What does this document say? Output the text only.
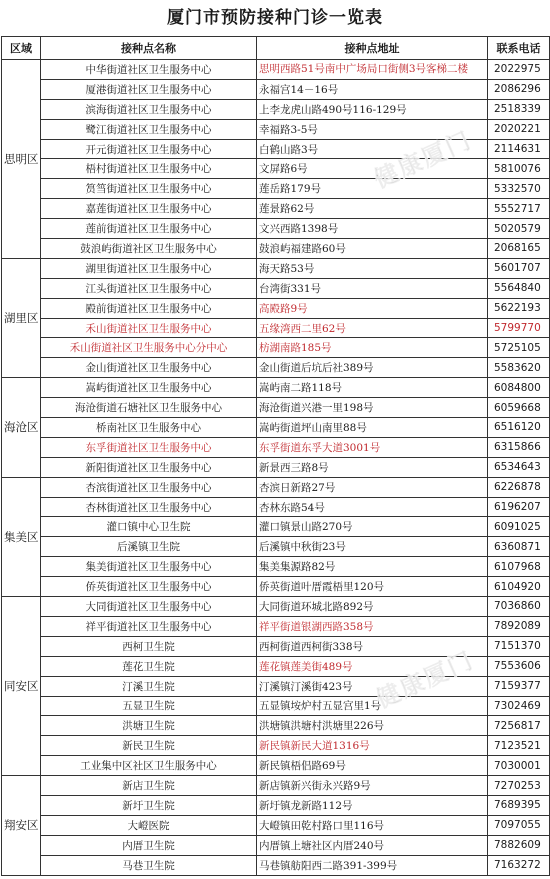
厦门市预防接种门诊一览表
区域	接种点名称	接种点地址	联系电话
思明区	中华街道社区卫生服务中心	思明西路51号南中广场局口街侧3号客梯二楼	2022975
	厦港街道社区卫生服务中心	永福宫14－16号	2086296
	滨海街道社区卫生服务中心	上李龙虎山路490号116-129号	2518339
	鹭江街道社区卫生服务中心	幸福路3-5号	2020221
	开元街道社区卫生服务中心	白鹤山路3号	2114631
	梧村街道社区卫生服务中心	文屏路6号	5810076
	筼筜街道社区卫生服务中心	莲岳路179号	5332570
	嘉莲街道社区卫生服务中心	莲景路62号	5552717
	莲前街道社区卫生服务中心	文兴西路1398号	5020579
	鼓浪屿街道社区卫生服务中心	鼓浪屿福建路60号	2068165
湖里区	湖里街道社区卫生服务中心	海天路53号	5601707
	江头街道社区卫生服务中心	台湾街331号	5564840
	殿前街道社区卫生服务中心	高殿路9号	5622193
	禾山街道社区卫生服务中心	五缘湾西二里62号	5799770
	禾山街道社区卫生服务中心分中心	枋湖南路185号	5725105
	金山街道社区卫生服务中心	金山街道后坑后社389号	5583620
海沧区	嵩屿街道社区卫生服务中心	嵩屿南二路118号	6084800
	海沧街道石塘社区卫生服务中心	海沧街道兴港一里198号	6059668
	桥南社区卫生服务中心	嵩屿街道坪山南里88号	6516120
	东孚街道社区卫生服务中心	东孚街道东孚大道3001号	6315866
	新阳街道社区卫生服务中心	新景西三路8号	6534643
集美区	杏滨街道社区卫生服务中心	杏滨日新路27号	6226878
	杏林街道社区卫生服务中心	杏林东路54号	6196207
	灌口镇中心卫生院	灌口镇景山路270号	6091025
	后溪镇卫生院	后溪镇中秋街23号	6360871
	集美街道社区卫生服务中心	集美集源路82号	6107968
	侨英街道社区卫生服务中心	侨英街道叶厝霞梧里120号	6104920
同安区	大同街道社区卫生服务中心	大同街道环城北路892号	7036860
	祥平街道社区卫生服务中心	祥平街道银湖西路358号	7892089
	西柯卫生院	西柯街道西柯街338号	7151370
	莲花卫生院	莲花镇莲美街489号	7553606
	汀溪卫生院	汀溪镇汀溪街423号	7159377
	五显卫生院	五显镇垵炉村五显宫里1号	7302469
	洪塘卫生院	洪塘镇洪塘村洪塘里226号	7256817
	新民卫生院	新民镇新民大道1316号	7123521
	工业集中区社区卫生服务中心	新民镇梧侣路69号	7030001
翔安区	新店卫生院	新店镇新兴街永兴路9号	7270253
	新圩卫生院	新圩镇龙新路112号	7689395
	大嶝医院	大嶝镇田乾村路口里116号	7097055
	内厝卫生院	内厝镇上塘社区内厝240号	7882609
	马巷卫生院	马巷镇舫阳西二路391-399号	7163272
健康厦门
健康厦门
